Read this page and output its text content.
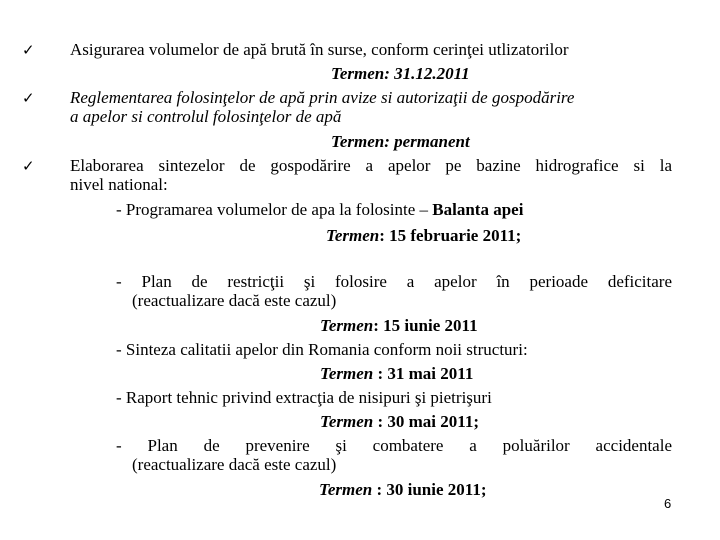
✓ Asigurarea volumelor de apă brută în surse, conform cerinţei utlizatorilor
Termen: 31.12.2011
✓ Reglementarea folosinţelor de apă prin avize si autorizaţii de gospodărire
a apelor si controlul folosinţelor de apă
Termen: permanent
✓ Elaborarea sintezelor de gospodărire a apelor pe bazine hidrografice si la
nivel national:
- Programarea volumelor de apa la folosinte – Balanta apei
Termen: 15 februarie 2011;
- Plan de restricţii şi folosire a apelor în perioade deficitare
(reactualizare dacă este cazul)
Termen: 15 iunie 2011
- Sinteza calitatii apelor din Romania conform noii structuri:
Termen : 31 mai 2011
- Raport tehnic privind extracţia de nisipuri şi pietrişuri
Termen : 30 mai 2011;
- Plan de prevenire şi combatere a poluărilor accidentale
(reactualizare dacă este cazul)
Termen : 30 iunie 2011;
6
